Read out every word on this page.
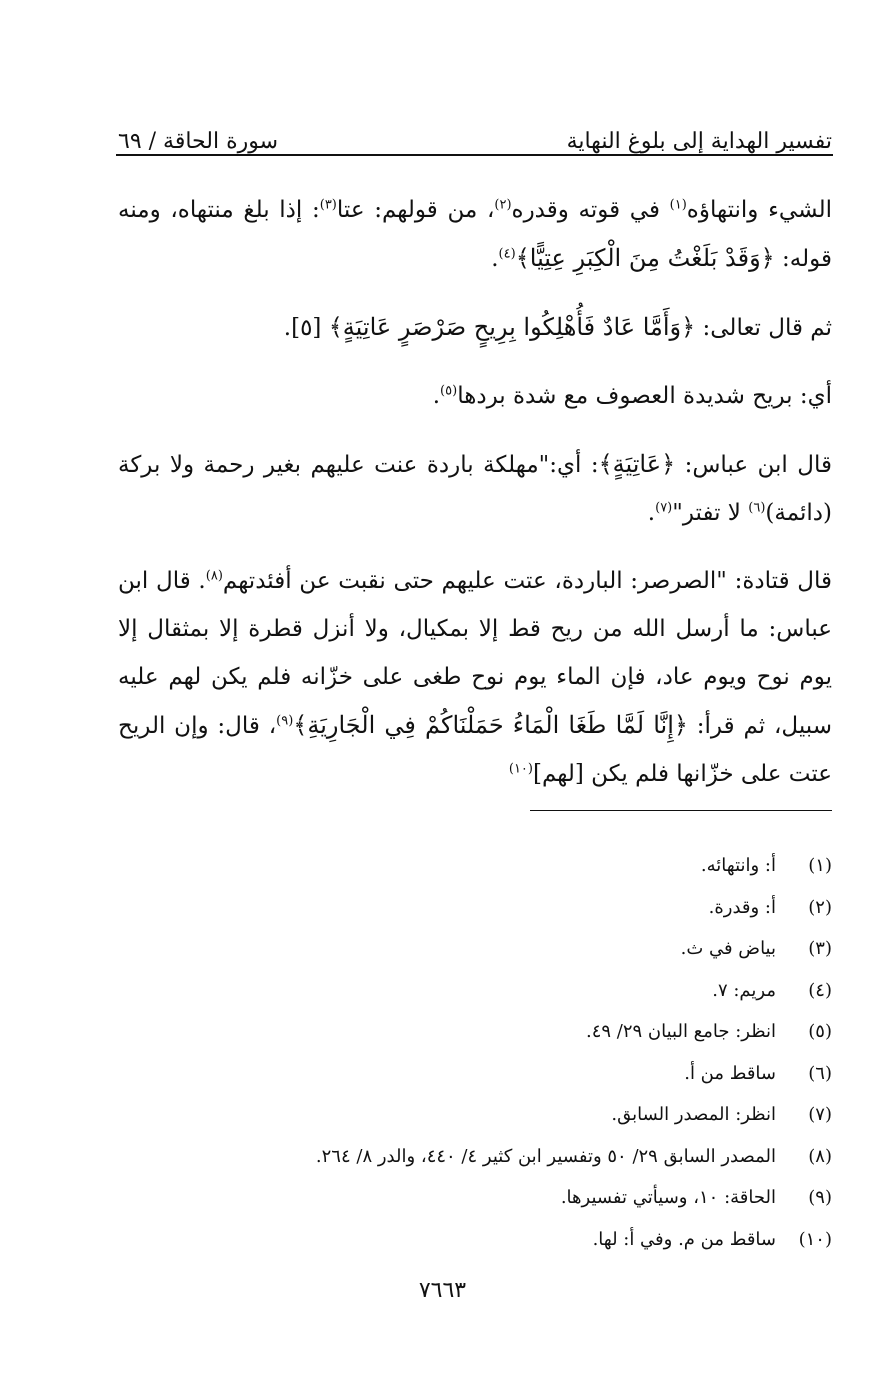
تفسير الهداية إلى بلوغ النهاية
سورة الحاقة / ٦٩

الشيء وانتهاؤه$^{(١)}$ في قوته وقدره$^{(٢)}$، من قولهم: عتا$^{(٣)}$: إذا بلغ منتهاه، ومنه قوله: ﴿وَقَدْ بَلَغْتُ مِنَ الْكِبَرِ عِتِيًّا﴾$^{(٤)}$.

ثم قال تعالى: ﴿وَأَمَّا عَادٌ فَأُهْلِكُوا بِرِيحٍ صَرْصَرٍ عَاتِيَةٍ﴾ [٥].

أي: بريح شديدة العصوف مع شدة بردها$^{(٥)}$.

قال ابن عباس: ﴿عَاتِيَةٍ﴾: أي:"مهلكة باردة عنت عليهم بغير رحمة ولا بركة (دائمة)$^{(٦)}$ لا تفتر"$^{(٧)}$.

قال قتادة: "الصرصر: الباردة، عتت عليهم حتى نقبت عن أفئدتهم$^{(٨)}$. قال ابن عباس: ما أرسل الله من ريح قط إلا بمكيال، ولا أنزل قطرة إلا بمثقال إلا يوم نوح ويوم عاد، فإن الماء يوم نوح طغى على خزّانه فلم يكن لهم عليه سبيل، ثم قرأ: ﴿إِنَّا لَمَّا طَغَا الْمَاءُ حَمَلْنَاكُمْ فِي الْجَارِيَةِ﴾$^{(٩)}$، قال: وإن الريح عتت على خزّانها فلم يكن [لهم]$^{(١٠)}$

(١)
أ: وانتهائه.
(٢)
أ: وقدرة.
(٣)
بياض في ث.
(٤)
مريم: ٧.
(٥)
انظر: جامع البيان ٢٩/ ٤٩.
(٦)
ساقط من أ.
(٧)
انظر: المصدر السابق.
(٨)
المصدر السابق ٢٩/ ٥٠ وتفسير ابن كثير ٤/ ٤٤٠، والدر ٨/ ٢٦٤.
(٩)
الحاقة: ١٠، وسيأتي تفسيرها.
(١٠)
ساقط من م. وفي أ: لها.
٧٦٦٣
